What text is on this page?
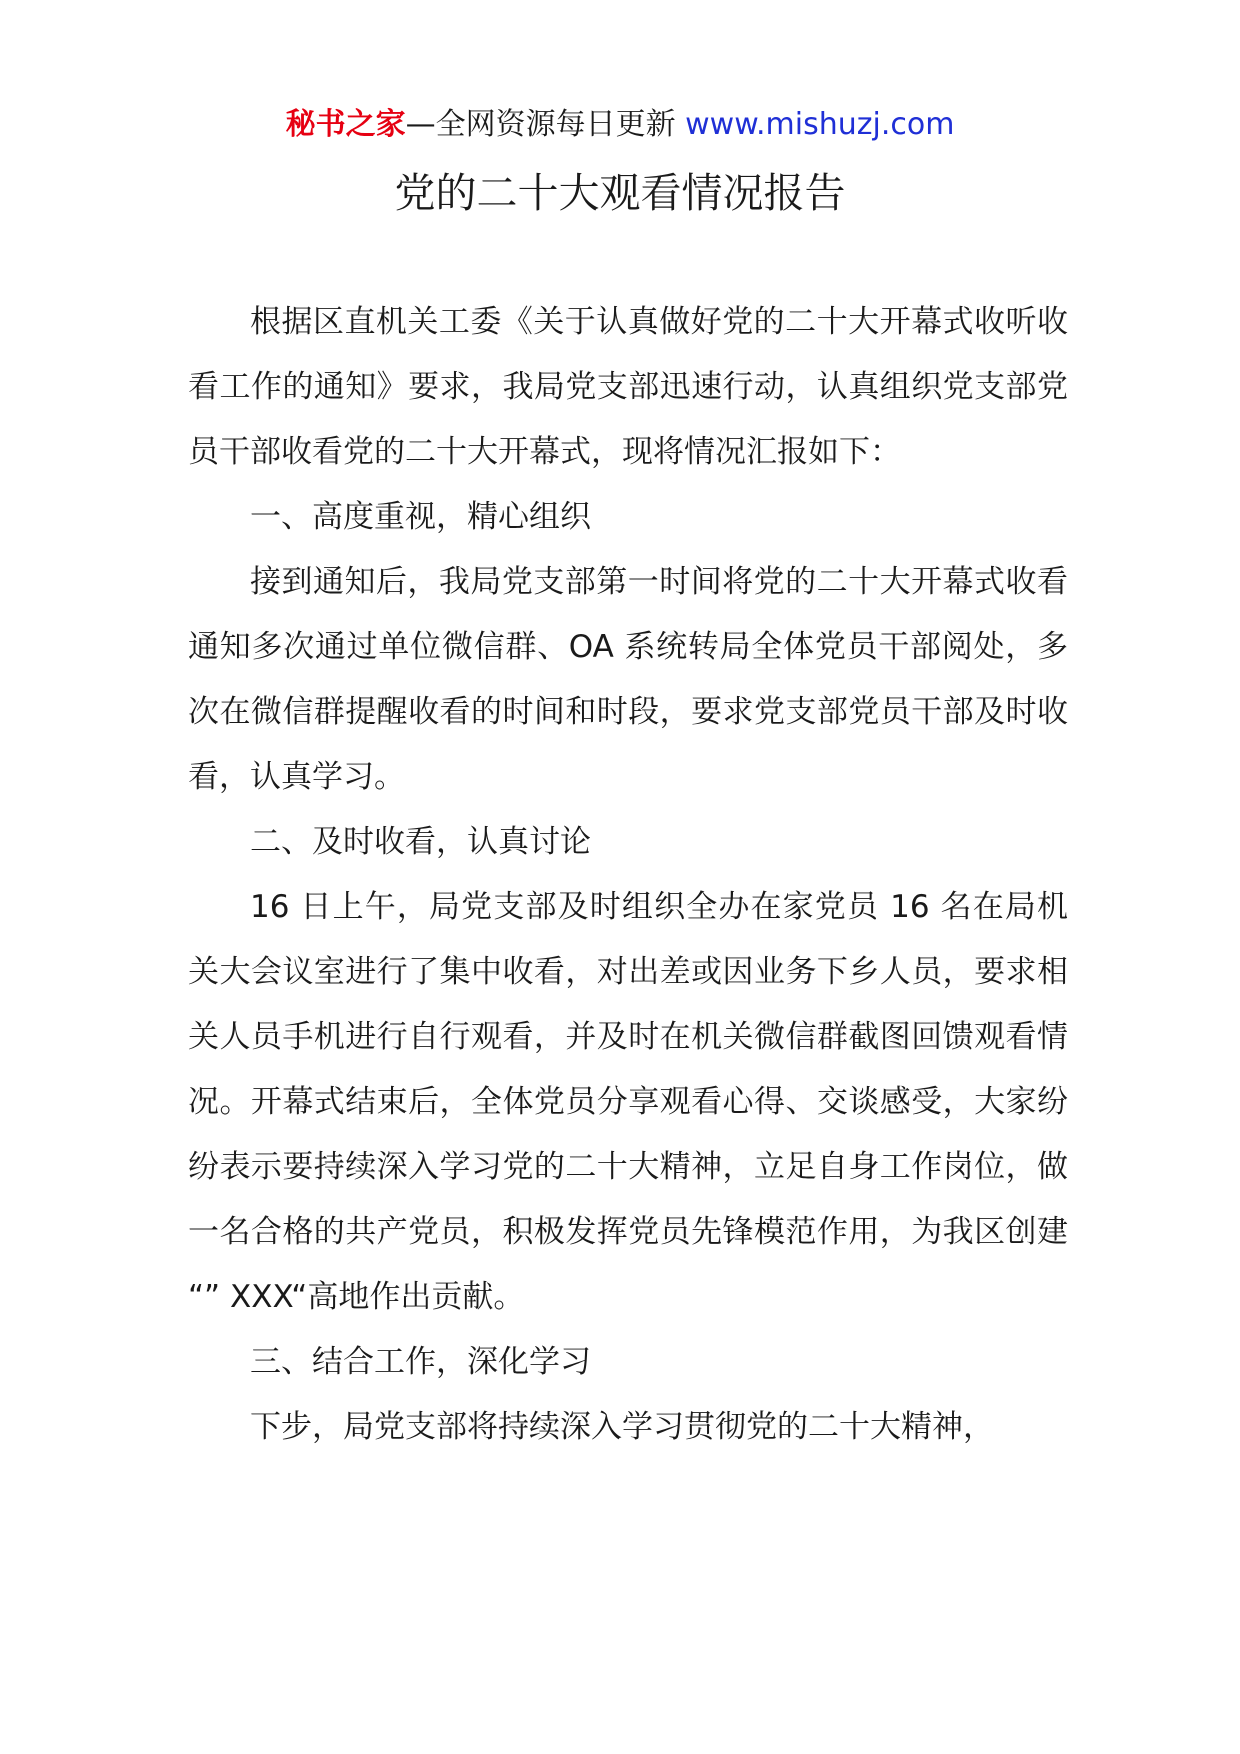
秘书之家—全网资源每日更新 www.mishuzj.com
党的二十大观看情况报告

根据区直机关工委《关于认真做好党的二十大开幕式收听收看工作的通知》要求，我局党支部迅速行动，认真组织党支部党员干部收看党的二十大开幕式，现将情况汇报如下：

一、高度重视，精心组织

接到通知后，我局党支部第一时间将党的二十大开幕式收看通知多次通过单位微信群、OA 系统转局全体党员干部阅处，多次在微信群提醒收看的时间和时段，要求党支部党员干部及时收看，认真学习。

二、及时收看，认真讨论

16 日上午，局党支部及时组织全办在家党员 16 名在局机关大会议室进行了集中收看，对出差或因业务下乡人员，要求相关人员手机进行自行观看，并及时在机关微信群截图回馈观看情况。开幕式结束后，全体党员分享观看心得、交谈感受，大家纷纷表示要持续深入学习党的二十大精神，立足自身工作岗位，做一名合格的共产党员，积极发挥党员先锋模范作用，为我区创建 “” XXX“高地作出贡献。

三、结合工作，深化学习

下步，局党支部将持续深入学习贯彻党的二十大精神，
